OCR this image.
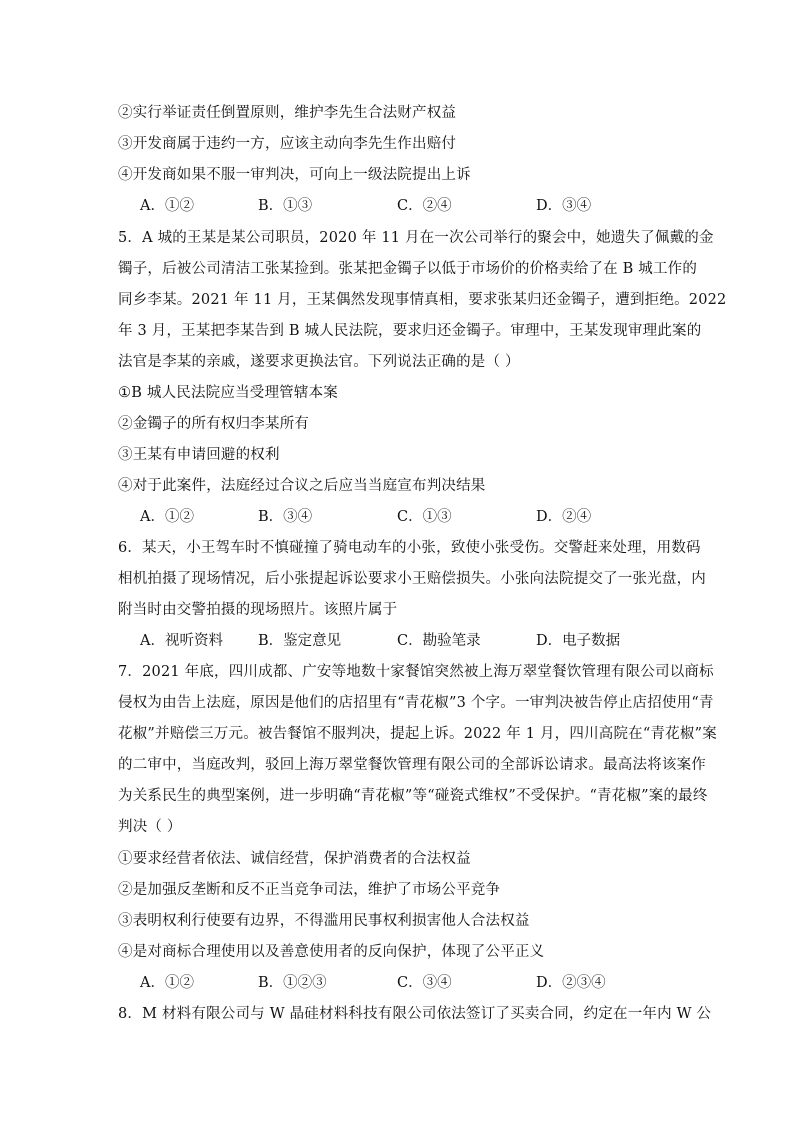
②实行举证责任倒置原则，维护李先生合法财产权益
③开发商属于违约一方，应该主动向李先生作出赔付
④开发商如果不服一审判决，可向上一级法院提出上诉
A．①②	B．①③	C．②④	D．③④
5．A 城的王某是某公司职员，2020 年 11 月在一次公司举行的聚会中，她遗失了佩戴的金
镯子，后被公司清洁工张某捡到。张某把金镯子以低于市场价的价格卖给了在 B 城工作的
同乡李某。2021 年 11 月，王某偶然发现事情真相，要求张某归还金镯子，遭到拒绝。2022
年 3 月，王某把李某告到 B 城人民法院，要求归还金镯子。审理中，王某发现审理此案的
法官是李某的亲戚，遂要求更换法官。下列说法正确的是（ ）
①B 城人民法院应当受理管辖本案
②金镯子的所有权归李某所有
③王某有申请回避的权利
④对于此案件，法庭经过合议之后应当当庭宣布判决结果
A．①②	B．③④	C．①③	D．②④
6．某天，小王驾车时不慎碰撞了骑电动车的小张，致使小张受伤。交警赶来处理，用数码
相机拍摄了现场情况，后小张提起诉讼要求小王赔偿损失。小张向法院提交了一张光盘，内
附当时由交警拍摄的现场照片。该照片属于
A．视听资料 B．鉴定意见	C．勘验笔录	D．电子数据
7．2021 年底，四川成都、广安等地数十家餐馆突然被上海万翠堂餐饮管理有限公司以商标
侵权为由告上法庭，原因是他们的店招里有“青花椒”3 个字。一审判决被告停止店招使用“青
花椒”并赔偿三万元。被告餐馆不服判决，提起上诉。2022 年 1 月，四川高院在“青花椒”案
的二审中，当庭改判，驳回上海万翠堂餐饮管理有限公司的全部诉讼请求。最高法将该案作
为关系民生的典型案例，进一步明确“青花椒”等“碰瓷式维权”不受保护。“青花椒”案的最终
判决（ ）
①要求经营者依法、诚信经营，保护消费者的合法权益
②是加强反垄断和反不正当竞争司法，维护了市场公平竞争
③表明权利行使要有边界，不得滥用民事权利损害他人合法权益
④是对商标合理使用以及善意使用者的反向保护，体现了公平正义
A．①②	B．①②③	C．③④	D．②③④
8．M 材料有限公司与 W 晶硅材料科技有限公司依法签订了买卖合同，约定在一年内 W 公
